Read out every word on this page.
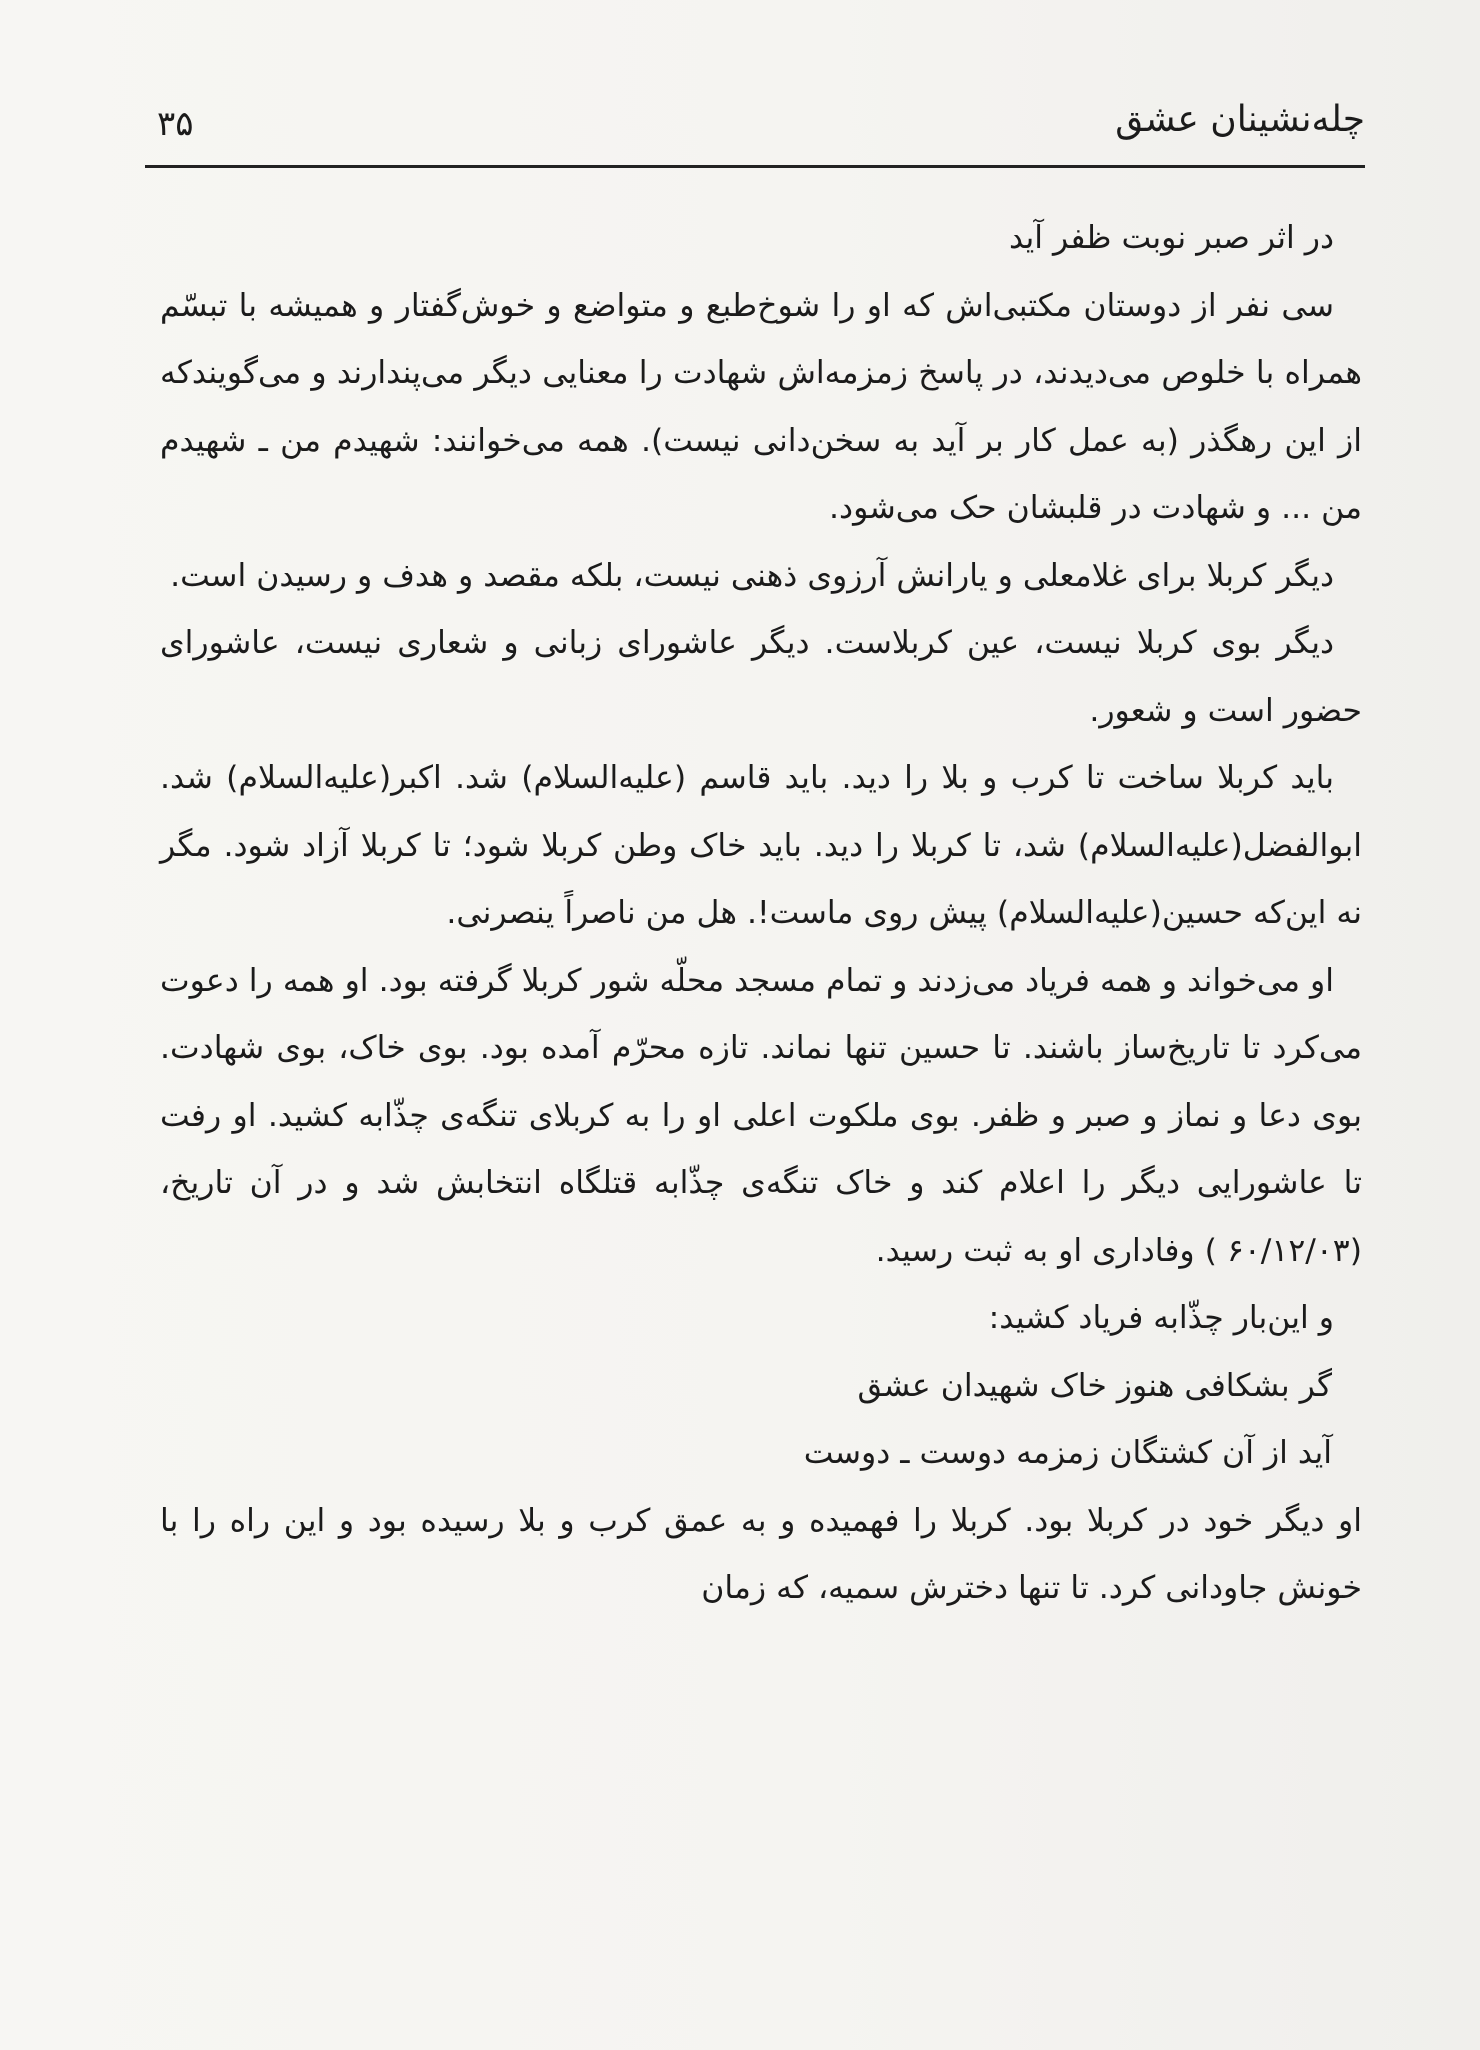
چله‌نشینان عشق
۳۵

در اثر صبر نوبت ظفر آید

سی نفر از دوستان مکتبی‌اش که او را شوخ‌طبع و متواضع و خوش‌گفتار و همیشه با تبسّم همراه با خلوص می‌دیدند، در پاسخ زمزمه‌اش شهادت را معنایی دیگر می‌پندارند و می‌گویندکه از این رهگذر (به عمل کار بر آید به سخن‌دانی نیست). همه می‌خوانند: شهیدم من ـ شهیدم من ... و شهادت در قلبشان حک می‌شود.

دیگر کربلا برای غلامعلی و یارانش آرزوی ذهنی نیست، بلکه مقصد و هدف و رسیدن است.

دیگر بوی کربلا نیست، عین کربلاست. دیگر عاشورای زبانی و شعاری نیست، عاشورای حضور است و شعور.

باید کربلا ساخت تا کرب و بلا را دید. باید قاسم (علیه‌السلام) شد. اکبر(علیه‌السلام) شد. ابوالفضل(علیه‌السلام) شد، تا کربلا را دید. باید خاک وطن کربلا شود؛ تا کربلا آزاد شود. مگر نه این‌که حسین(علیه‌السلام) پیش روی ماست!. هل من ناصراً ینصرنی.

او می‌خواند و همه فریاد می‌زدند و تمام مسجد محلّه شور کربلا گرفته بود. او همه را دعوت می‌کرد تا تاریخ‌ساز باشند. تا حسین تنها نماند. تازه محرّم آمده بود. بوی خاک، بوی شهادت. بوی دعا و نماز و صبر و ظفر. بوی ملکوت اعلی او را به کربلای تنگه‌ی چذّابه کشید. او رفت تا عاشورایی دیگر را اعلام کند و خاک تنگه‌ی چذّابه قتلگاه انتخابش شد و در آن تاریخ،(۶۰/۱۲/۰۳ ) وفاداری او به ثبت رسید.

و این‌بار چذّابه فریاد کشید:

گر بشکافی هنوز خاک شهیدان عشق

آید از آن کشتگان زمزمه دوست ـ دوست

او دیگر خود در کربلا بود. کربلا را فهمیده و به عمق کرب و بلا رسیده بود و این راه را با خونش جاودانی کرد. تا تنها دخترش سمیه، که زمان
